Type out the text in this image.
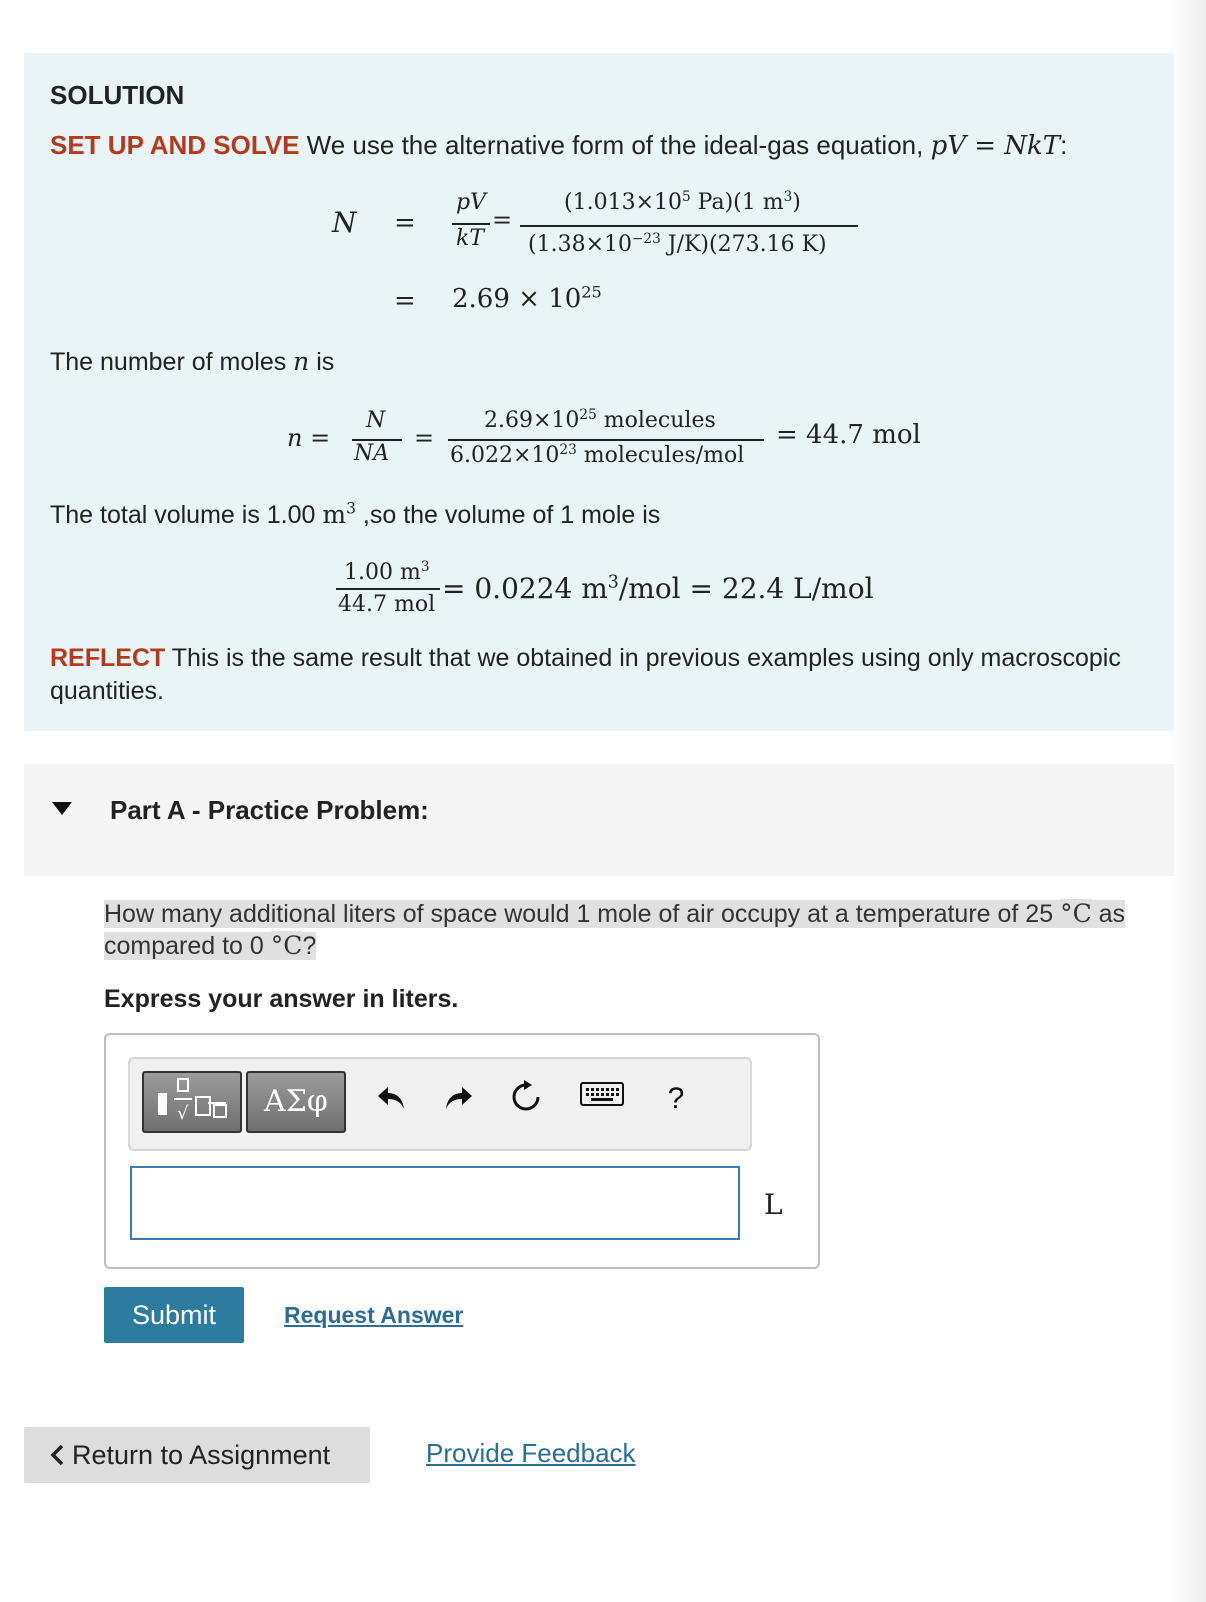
SOLUTION
SET UP AND SOLVE We use the alternative form of the ideal-gas equation, pV = NkT:
N =
pV
kT
=
($1.013\times 10^5$ Pa)(1 $m^3$)
($1.38\times 10^{-23}$ J/K)(273.16 K)
= $2.69 \times 10^{25}$
The number of moles n is
n =
N
NA
=
$2.69\times 10^{25}$ molecules
$6.022\times 10^{23}$ molecules/mol
= 44.7 mol
The total volume is 1.00 $m^3$ ,so the volume of 1 mole is
1.00 $m^3$
44.7 mol = 0.0224 $m^3$/mol = 22.4 L/mol
REFLECT This is the same result that we obtained in previous examples using only macroscopic quantities.
Part A - Practice Problem:
How many additional liters of space would 1 mole of air occupy at a temperature of 25 °C as compared to 0 °C?
Express your answer in liters.
√	ΑΣφ	?
L
Submit	Request Answer
Return to Assignment	Provide Feedback
